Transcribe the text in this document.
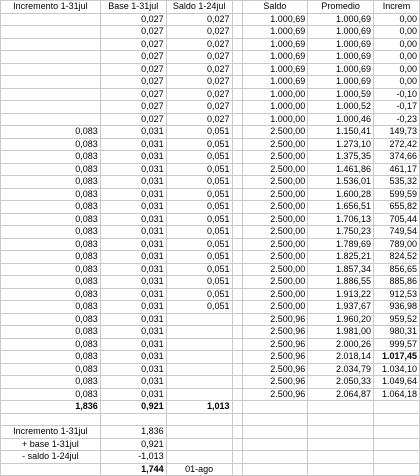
Incremento 1-31jul	Base 1-31jul	Saldo 1-24jul		Saldo	Promedio	Increm
	0,027	0,027		1.000,69	1.000,69	0,00
	0,027	0,027		1.000,69	1.000,69	0,00
	0,027	0,027		1.000,69	1.000,69	0,00
	0,027	0,027		1.000,69	1.000,69	0,00
	0,027	0,027		1.000,69	1.000,69	0,00
	0,027	0,027		1.000,69	1.000,69	0,00
	0,027	0,027		1.000,00	1.000,59	-0,10
	0,027	0,027		1.000,00	1.000,52	-0,17
	0,027	0,027		1.000,00	1.000,46	-0,23
0,083	0,031	0,051		2.500,00	1.150,41	149,73
0,083	0,031	0,051		2.500,00	1.273,10	272,42
0,083	0,031	0,051		2.500,00	1.375,35	374,66
0,083	0,031	0,051		2.500,00	1.461,86	461,17
0,083	0,031	0,051		2.500,00	1.536,01	535,32
0,083	0,031	0,051		2.500,00	1.600,28	599,59
0,083	0,031	0,051		2.500,00	1.656,51	655,82
0,083	0,031	0,051		2.500,00	1.706,13	705,44
0,083	0,031	0,051		2.500,00	1.750,23	749,54
0,083	0,031	0,051		2.500,00	1.789,69	789,00
0,083	0,031	0,051		2.500,00	1.825,21	824,52
0,083	0,031	0,051		2.500,00	1.857,34	856,65
0,083	0,031	0,051		2.500,00	1.886,55	885,86
0,083	0,031	0,051		2.500,00	1.913,22	912,53
0,083	0,031	0,051		2.500,00	1.937,67	936,98
0,083	0,031			2.500,96	1.960,20	959,52
0,083	0,031			2.500,96	1.981,00	980,31
0,083	0,031			2.500,96	2.000,26	999,57
0,083	0,031			2.500,96	2.018,14	1.017,45
0,083	0,031			2.500,96	2.034,79	1.034,10
0,083	0,031			2.500,96	2.050,33	1.049,64
0,083	0,031			2.500,96	2.064,87	1.064,18
1,836	0,921	1,013				

Incremento 1-31jul	1,836					
+ base 1-31jul	0,921					
- saldo 1-24jul	-1,013					
	1,744	01-ago				
